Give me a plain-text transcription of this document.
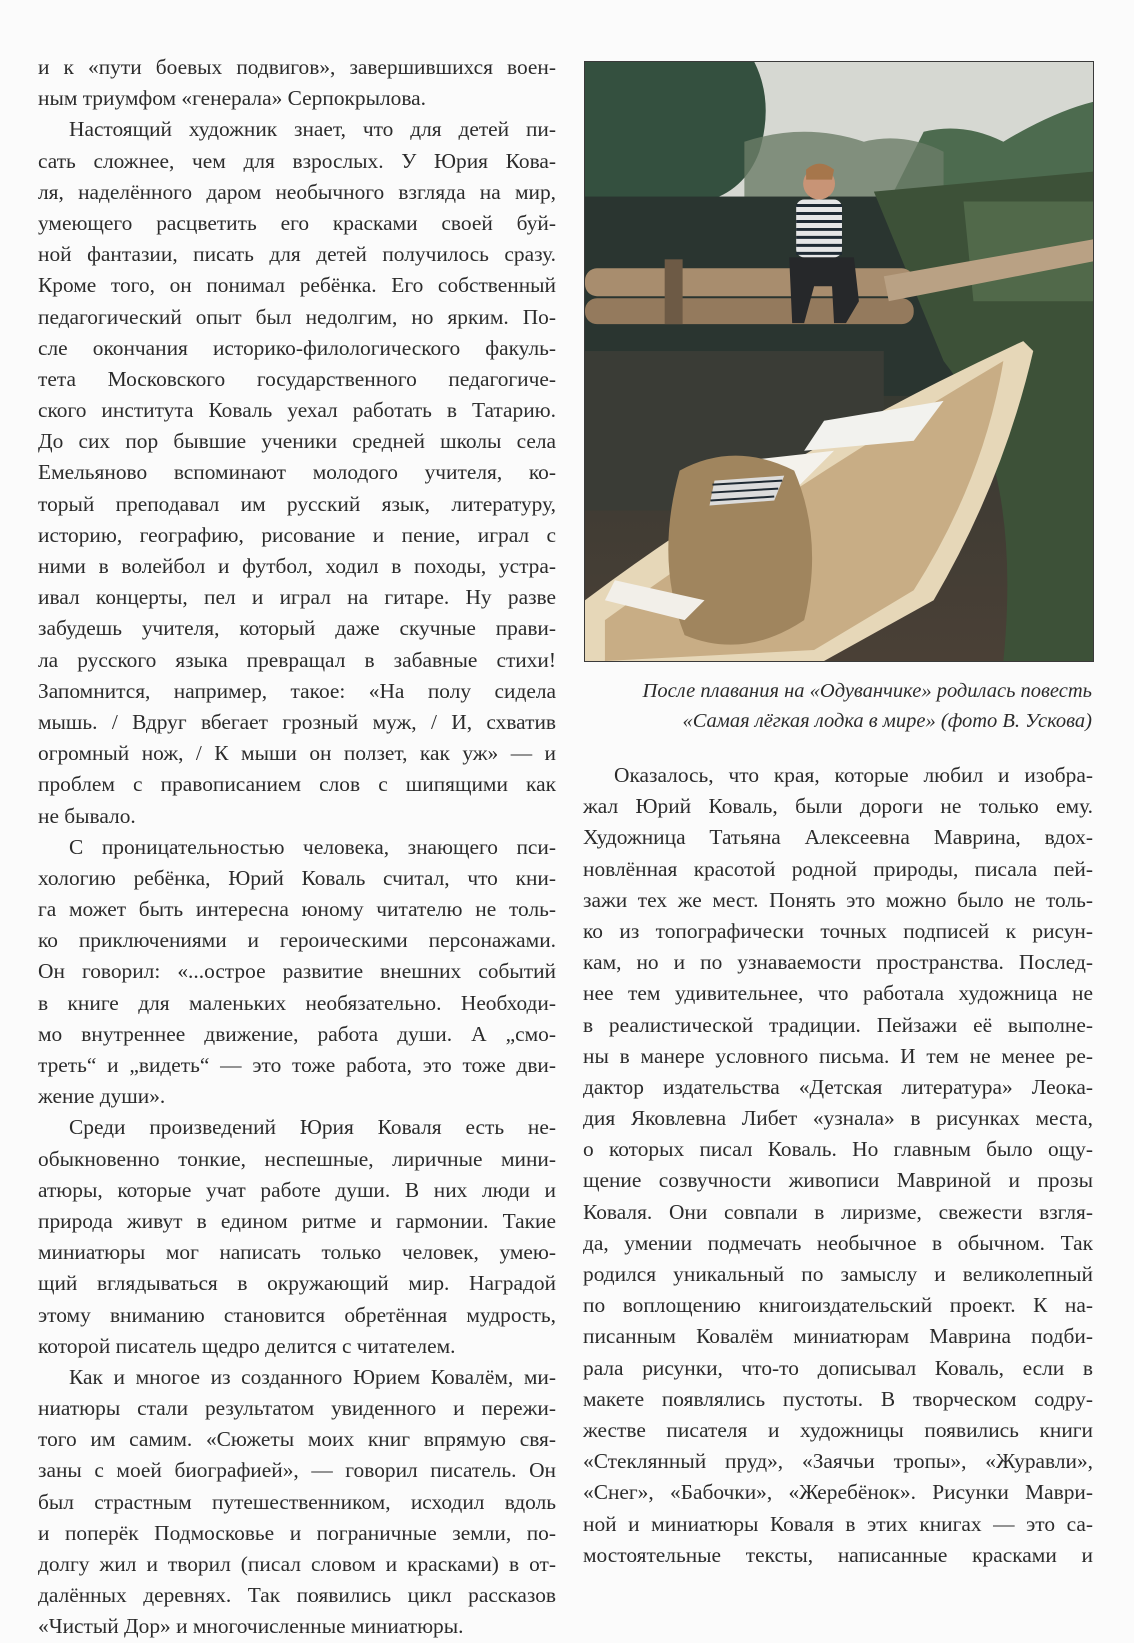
и к «пути боевых подвигов», завершившихся воен-
ным триумфом «генерала» Серпокрылова.
Настоящий художник знает, что для детей пи-
сать сложнее, чем для взрослых. У Юрия Кова-
ля, наделённого даром необычного взгляда на мир,
умеющего расцветить его красками своей буй-
ной фантазии, писать для детей получилось сразу.
Кроме того, он понимал ребёнка. Его собственный
педагогический опыт был недолгим, но ярким. По-
сле окончания историко-филологического факуль-
тета Московского государственного педагогиче-
ского института Коваль уехал работать в Татарию.
До сих пор бывшие ученики средней школы села
Емельяново вспоминают молодого учителя, ко-
торый преподавал им русский язык, литературу,
историю, географию, рисование и пение, играл с
ними в волейбол и футбол, ходил в походы, устра-
ивал концерты, пел и играл на гитаре. Ну разве
забудешь учителя, который даже скучные прави-
ла русского языка превращал в забавные стихи!
Запомнится, например, такое: «На полу сидела
мышь. / Вдруг вбегает грозный муж, / И, схватив
огромный нож, / К мыши он ползет, как уж» — и
проблем с правописанием слов с шипящими как
не бывало.
С проницательностью человека, знающего пси-
хологию ребёнка, Юрий Коваль считал, что кни-
га может быть интересна юному читателю не толь-
ко приключениями и героическими персонажами.
Он говорил: «...острое развитие внешних событий
в книге для маленьких необязательно. Необходи-
мо внутреннее движение, работа души. А „смо-
треть“ и „видеть“ — это тоже работа, это тоже дви-
жение души».
Среди произведений Юрия Коваля есть не-
обыкновенно тонкие, неспешные, лиричные мини-
атюры, которые учат работе души. В них люди и
природа живут в едином ритме и гармонии. Такие
миниатюры мог написать только человек, умею-
щий вглядываться в окружающий мир. Наградой
этому вниманию становится обретённая мудрость,
которой писатель щедро делится с читателем.
Как и многое из созданного Юрием Ковалём, ми-
ниатюры стали результатом увиденного и пережи-
того им самим. «Сюжеты моих книг впрямую свя-
заны с моей биографией», — говорил писатель. Он
был страстным путешественником, исходил вдоль
и поперёк Подмосковье и пограничные земли, по-
долгу жил и творил (писал словом и красками) в от-
далённых деревнях. Так появились цикл рассказов
«Чистый Дор» и многочисленные миниатюры.
После плавания на «Одуванчике» родилась повесть
«Самая лёгкая лодка в мире» (фото В. Ускова)
Оказалось, что края, которые любил и изобра-
жал Юрий Коваль, были дороги не только ему.
Художница Татьяна Алексеевна Маврина, вдох-
новлённая красотой родной природы, писала пей-
зажи тех же мест. Понять это можно было не толь-
ко из топографически точных подписей к рисун-
кам, но и по узнаваемости пространства. Послед-
нее тем удивительнее, что работала художница не
в реалистической традиции. Пейзажи её выполне-
ны в манере условного письма. И тем не менее ре-
дактор издательства «Детская литература» Леока-
дия Яковлевна Либет «узнала» в рисунках места,
о которых писал Коваль. Но главным было ощу-
щение созвучности живописи Мавриной и прозы
Коваля. Они совпали в лиризме, свежести взгля-
да, умении подмечать необычное в обычном. Так
родился уникальный по замыслу и великолепный
по воплощению книгоиздательский проект. К на-
писанным Ковалём миниатюрам Маврина подби-
рала рисунки, что-то дописывал Коваль, если в
макете появлялись пустоты. В творческом содру-
жестве писателя и художницы появились книги
«Стеклянный пруд», «Заячьи тропы», «Журавли»,
«Снег», «Бабочки», «Жеребёнок». Рисунки Маври-
ной и миниатюры Коваля в этих книгах — это са-
мостоятельные тексты, написанные красками и
